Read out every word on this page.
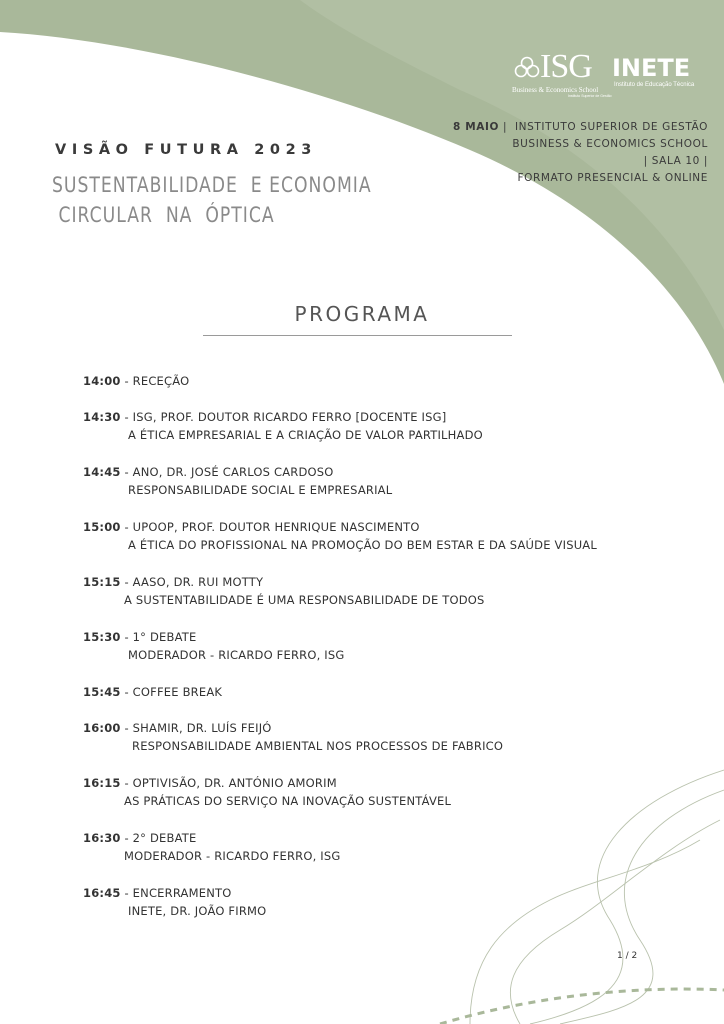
ISG
Business & Economics School
Instituto Superior de Gestão
INETE
Instituto de Educação Técnica
8 MAIO |  INSTITUTO SUPERIOR DE GESTÃO
BUSINESS & ECONOMICS SCHOOL
| SALA 10 |
FORMATO PRESENCIAL & ONLINE
VISÃO FUTURA 2023
SUSTENTABILIDADE  E ECONOMIA
CIRCULAR  NA  ÓPTICA
PROGRAMA
14:00 - RECEÇÃO
14:30 - ISG, PROF. DOUTOR RICARDO FERRO [DOCENTE ISG]
A ÉTICA EMPRESARIAL E A CRIAÇÃO DE VALOR PARTILHADO
14:45 - ANO, DR. JOSÉ CARLOS CARDOSO
RESPONSABILIDADE SOCIAL E EMPRESARIAL
15:00 - UPOOP, PROF. DOUTOR HENRIQUE NASCIMENTO
A ÉTICA DO PROFISSIONAL NA PROMOÇÃO DO BEM ESTAR E DA SAÚDE VISUAL
15:15 - AASO, DR. RUI MOTTY
A SUSTENTABILIDADE É UMA RESPONSABILIDADE DE TODOS
15:30 - 1° DEBATE
MODERADOR - RICARDO FERRO, ISG
15:45 - COFFEE BREAK
16:00 - SHAMIR, DR. LUÍS FEIJÓ
RESPONSABILIDADE AMBIENTAL NOS PROCESSOS DE FABRICO
16:15 - OPTIVISÃO, DR. ANTÓNIO AMORIM
AS PRÁTICAS DO SERVIÇO NA INOVAÇÃO SUSTENTÁVEL
16:30 - 2° DEBATE
MODERADOR - RICARDO FERRO, ISG
16:45 - ENCERRAMENTO
INETE, DR. JOÃO FIRMO
1 / 2
